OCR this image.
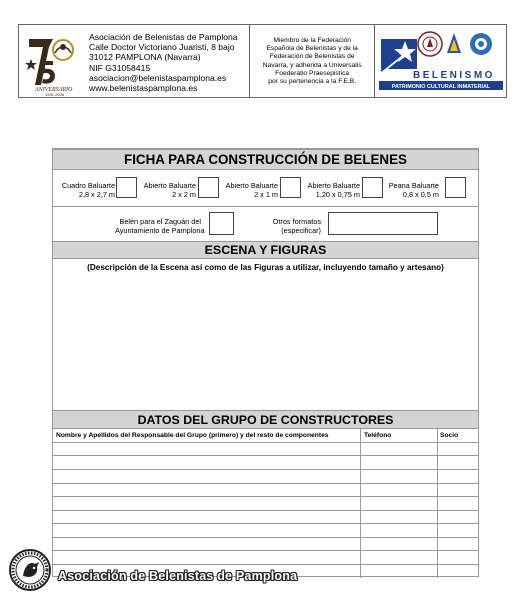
ANIVERSARIO
1951-2026
Asociación de Belenistas de Pamplona
Calle Doctor Victoriano Juaristi, 8 bajo
31012 PAMPLONA (Navarra)
NIF G31058415
asociacion@belenistaspamplona.es
www.belenistaspamplona.es
Miembro de la Federación
Española de Belenistas y de la
Federación de Belenistas de
Navarra, y adherida a Universalis
Foederatio Praesepistica
por su pertenencia a la F.E.B.
BELENISMO
PATRIMONIO CULTURAL INMATERIAL
FICHA PARA CONSTRUCCIÓN DE BELENES
Cuadro Baluarte
2,8 x 2,7 m
Abierto Baluarte
2 x 2 m
Abierto Baluarte
2 x 1 m
Abierto Baluarte
1,20 x 0,75 m
Peana Baluarte
0,8 x 0,5 m
Belén para el Zaguán del
Ayuntamiento de Pamplona
Otros formatos
(especificar)
ESCENA Y FIGURAS
(Descripción de la Escena así como de las Figuras a utilizar, incluyendo tamaño y artesano)
DATOS DEL GRUPO DE CONSTRUCTORES
Nombre y Apellidos del Responsable del Grupo (primero) y del resto de componentes	Teléfono	Socio
Asociación de Belenistas de Pamplona
